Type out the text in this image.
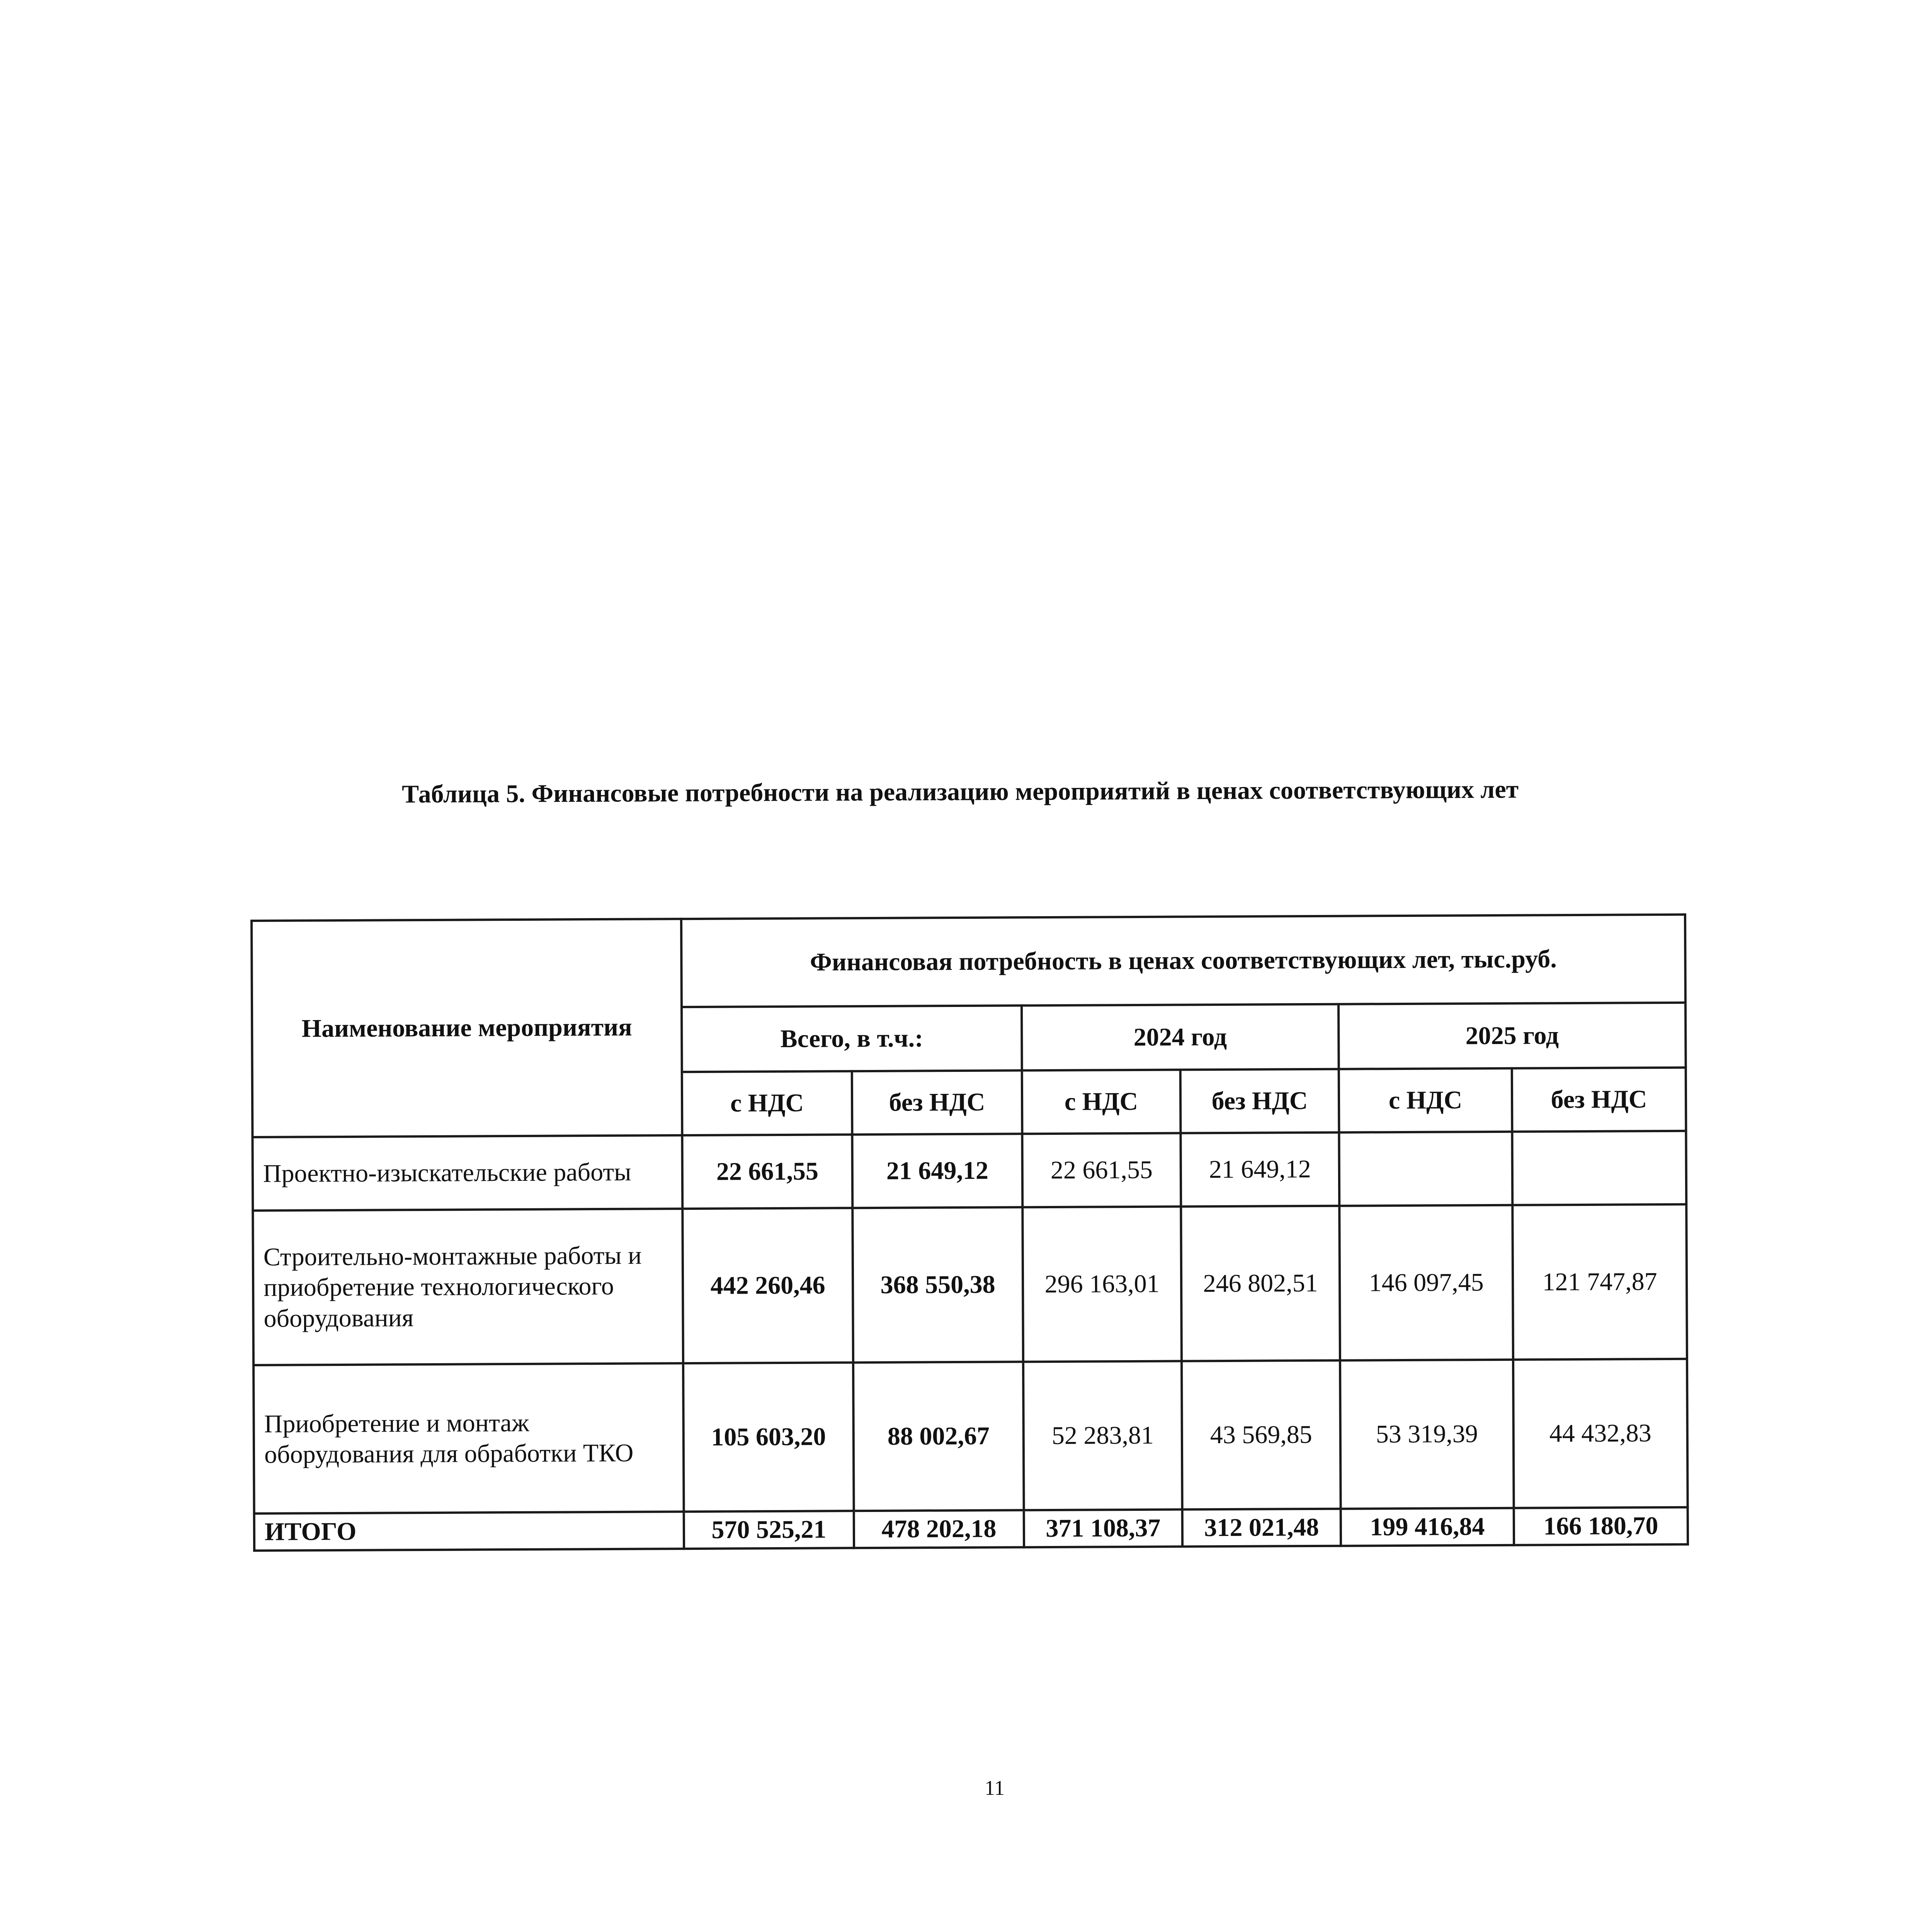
Таблица 5. Финансовые потребности на реализацию мероприятий в ценах соответствующих лет
Наименование мероприятия	Финансовая потребность в ценах соответствующих лет, тыс.руб.					
	Всего, в т.ч.:		2024 год		2025 год	
	с НДС	без НДС	с НДС	без НДС	с НДС	без НДС
Проектно-изыскательские работы	22 661,55	21 649,12	22 661,55	21 649,12		
Строительно-монтажные работы и приобретение технологического оборудования	442 260,46	368 550,38	296 163,01	246 802,51	146 097,45	121 747,87
Приобретение и монтаж оборудования для обработки ТКО	105 603,20	88 002,67	52 283,81	43 569,85	53 319,39	44 432,83
ИТОГО	570 525,21	478 202,18	371 108,37	312 021,48	199 416,84	166 180,70
11
